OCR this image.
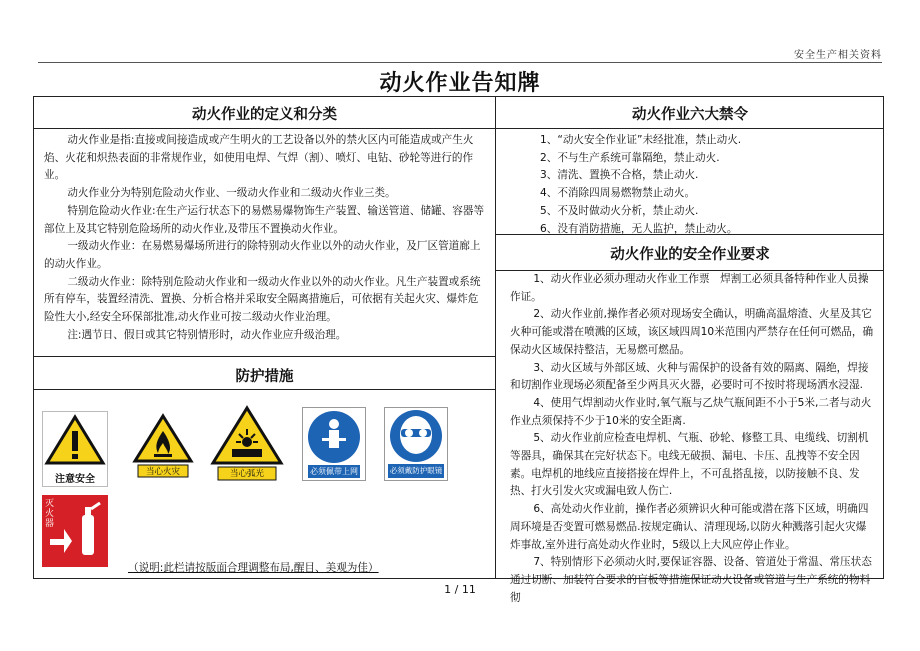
安全生产相关资料
动火作业告知牌
动火作业的定义和分类

动火作业是指:直接或间接造成或产生明火的工艺设备以外的禁火区内可能造成或产生火焰、火花和炽热表面的非常规作业，如使用电焊、气焊（割）、喷灯、电钻、砂轮等进行的作业。

动火作业分为特别危险动火作业、一级动火作业和二级动火作业三类。

特别危险动火作业:在生产运行状态下的易燃易爆物饰生产装置、输送管道、储罐、容器等部位上及其它特别危险场所的动火作业,及带压不置换动火作业。

一级动火作业：在易燃易爆场所进行的除特别动火作业以外的动火作业，及厂区管道廊上的动火作业。

二级动火作业：除特别危险动火作业和一级动火作业以外的动火作业。凡生产装置或系统所有停车，装置经清洗、置换、分析合格并采取安全隔离措施后，可依据有关起火灾、爆炸危险性大小,经安全环保部批准,动火作业可按二级动火作业治理。

注:遇节日、假日或其它特别情形时，动火作业应升级治理。

防护措施
注意安全
当心火灾	当心弧光	必须佩带上网	必须戴防护眼镜
灭火器
（说明:此栏请按版面合理调整布局,醒目、美观为佳）
动火作业六大禁令
1、“动火安全作业证”未经批准，禁止动火.
2、不与生产系统可靠隔绝，禁止动火.
3、清洗、置换不合格，禁止动火.
4、不消除四周易燃物禁止动火。
5、不及时做动火分析，禁止动火.
6、没有消防措施，无人监护，禁止动火。
动火作业的安全作业要求

1、动火作业必须办理动火作业工作票　焊割工必须具备特种作业人员操作证。

2、动火作业前,操作者必须对现场安全确认，明确高温熔渣、火星及其它火种可能或潜在喷溅的区域，该区域四周10米范围内严禁存在任何可燃品，确保动火区域保持整洁，无易燃可燃品。

3、动火区域与外部区域、火种与需保护的设备有效的隔离、隔绝，焊接和切割作业现场必须配备至少两具灭火器，必要时可不按时将现场洒水浸湿.

4、使用气焊割动火作业时,氧气瓶与乙炔气瓶间距不小于5米,二者与动火作业点须保持不少于10米的安全距离.

5、动火作业前应检查电焊机、气瓶、砂轮、修整工具、电缆线、切割机等器具，确保其在完好状态下。电线无破损、漏电、卡压、乱拽等不安全因素。电焊机的地线应直接搭接在焊件上，不可乱搭乱接，以防接触不良、发热、打火引发火灾或漏电致人伤亡.

6、高处动火作业前，操作者必须辨识火种可能或潜在落下区域，明确四周环境是否变置可燃易燃品.按规定确认、清理现场,以防火种溅落引起火灾爆炸事故,室外进行高处动火作业时，5级以上大风应停止作业。

7、特别情形下必须动火时,要保证容器、设备、管道处于常温、常压状态通过切断、加装符合要求的盲板等措施保证动火设备或管道与生产系统的物料彻

1 / 11
